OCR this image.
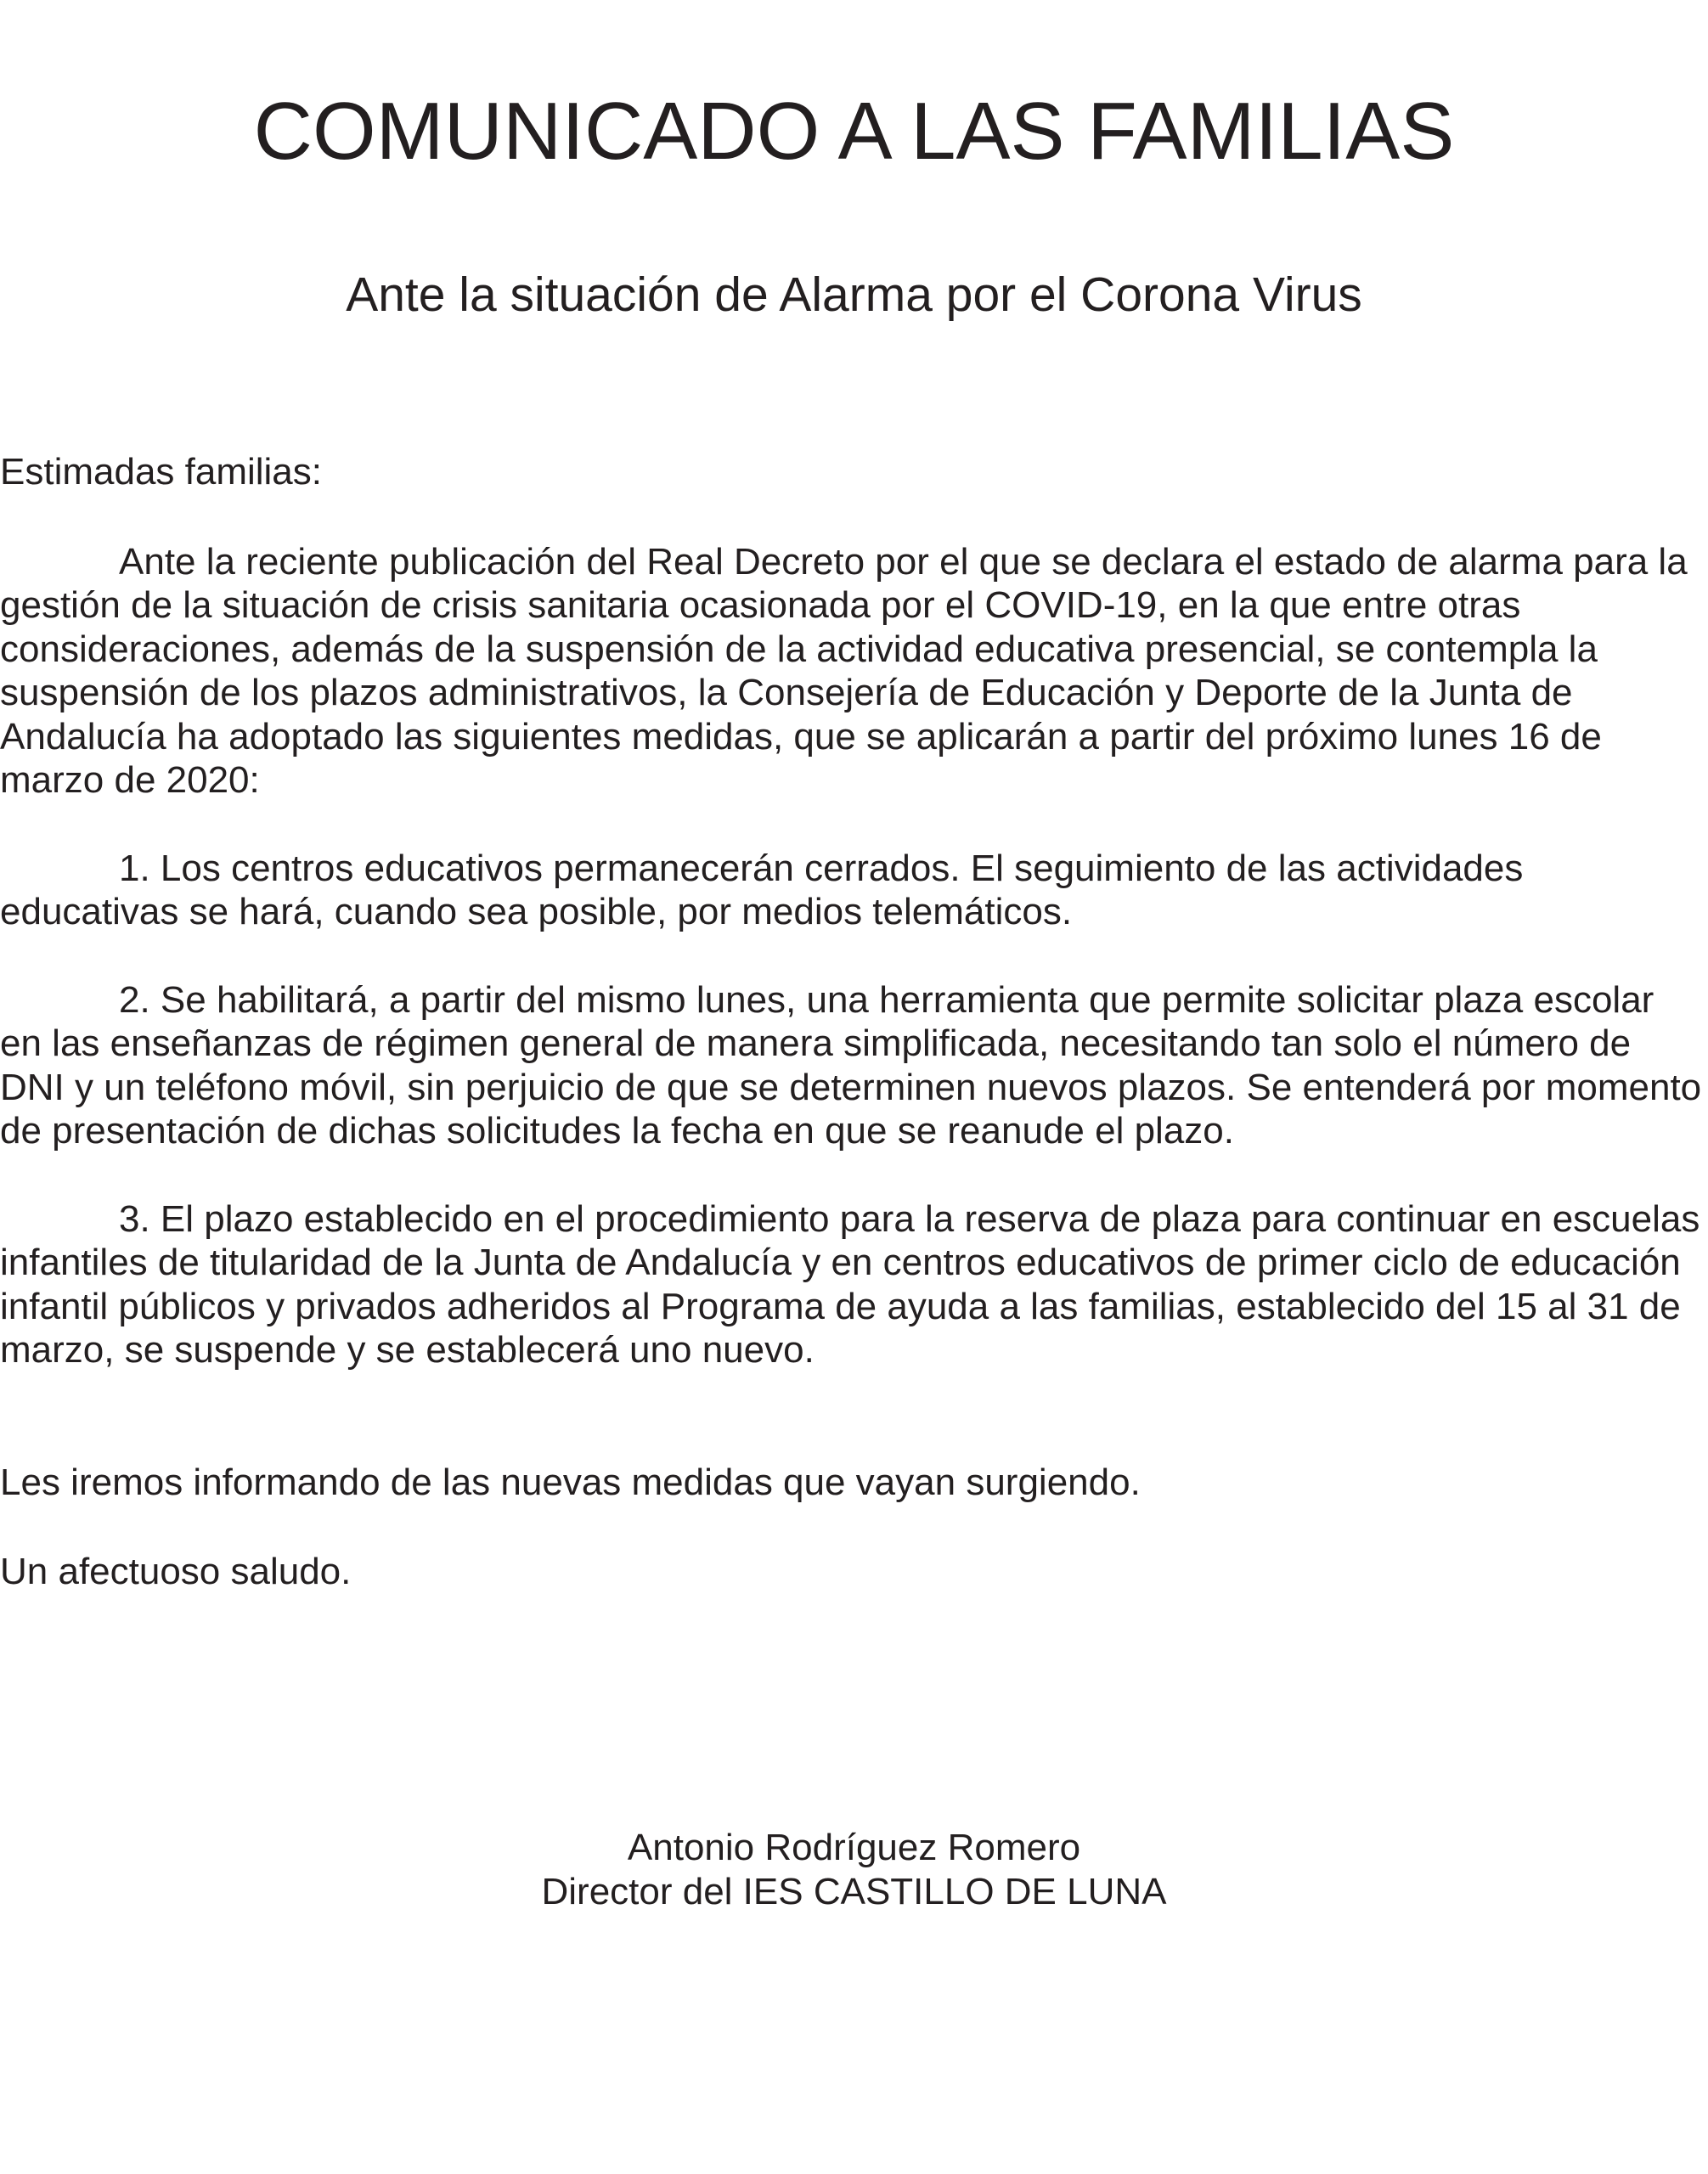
COMUNICADO A LAS FAMILIAS
Ante la situación de Alarma por el Corona Virus

Estimadas familias:

Ante la reciente publicación del Real Decreto por el que se declara el estado de alarma para la gestión de la situación de crisis sanitaria ocasionada por el COVID-19, en la que entre otras consideraciones, además de la suspensión de la actividad educativa presencial, se contempla la suspensión de los plazos administrativos, la Consejería de Educación y Deporte de la Junta de Andalucía ha adoptado las siguientes medidas, que se aplicarán a partir del próximo lunes 16 de marzo de 2020:

1. Los centros educativos permanecerán cerrados. El seguimiento de las actividades educativas se hará, cuando sea posible, por medios telemáticos.

2. Se habilitará, a partir del mismo lunes, una herramienta que permite solicitar plaza escolar en las enseñanzas de régimen general de manera simplificada, necesitando tan solo el número de DNI y un teléfono móvil, sin perjuicio de que se determinen nuevos plazos. Se entenderá por momento de presentación de dichas solicitudes la fecha en que se reanude el plazo.

3. El plazo establecido en el procedimiento para la reserva de plaza para continuar en escuelas infantiles de titularidad de la Junta de Andalucía y en centros educativos de primer ciclo de educación infantil públicos y privados adheridos al Programa de ayuda a las familias, establecido del 15 al 31 de marzo, se suspende y se establecerá uno nuevo.

Les iremos informando de las nuevas medidas que vayan surgiendo.

Un afectuoso saludo.

Antonio Rodríguez Romero
Director del IES CASTILLO DE LUNA
